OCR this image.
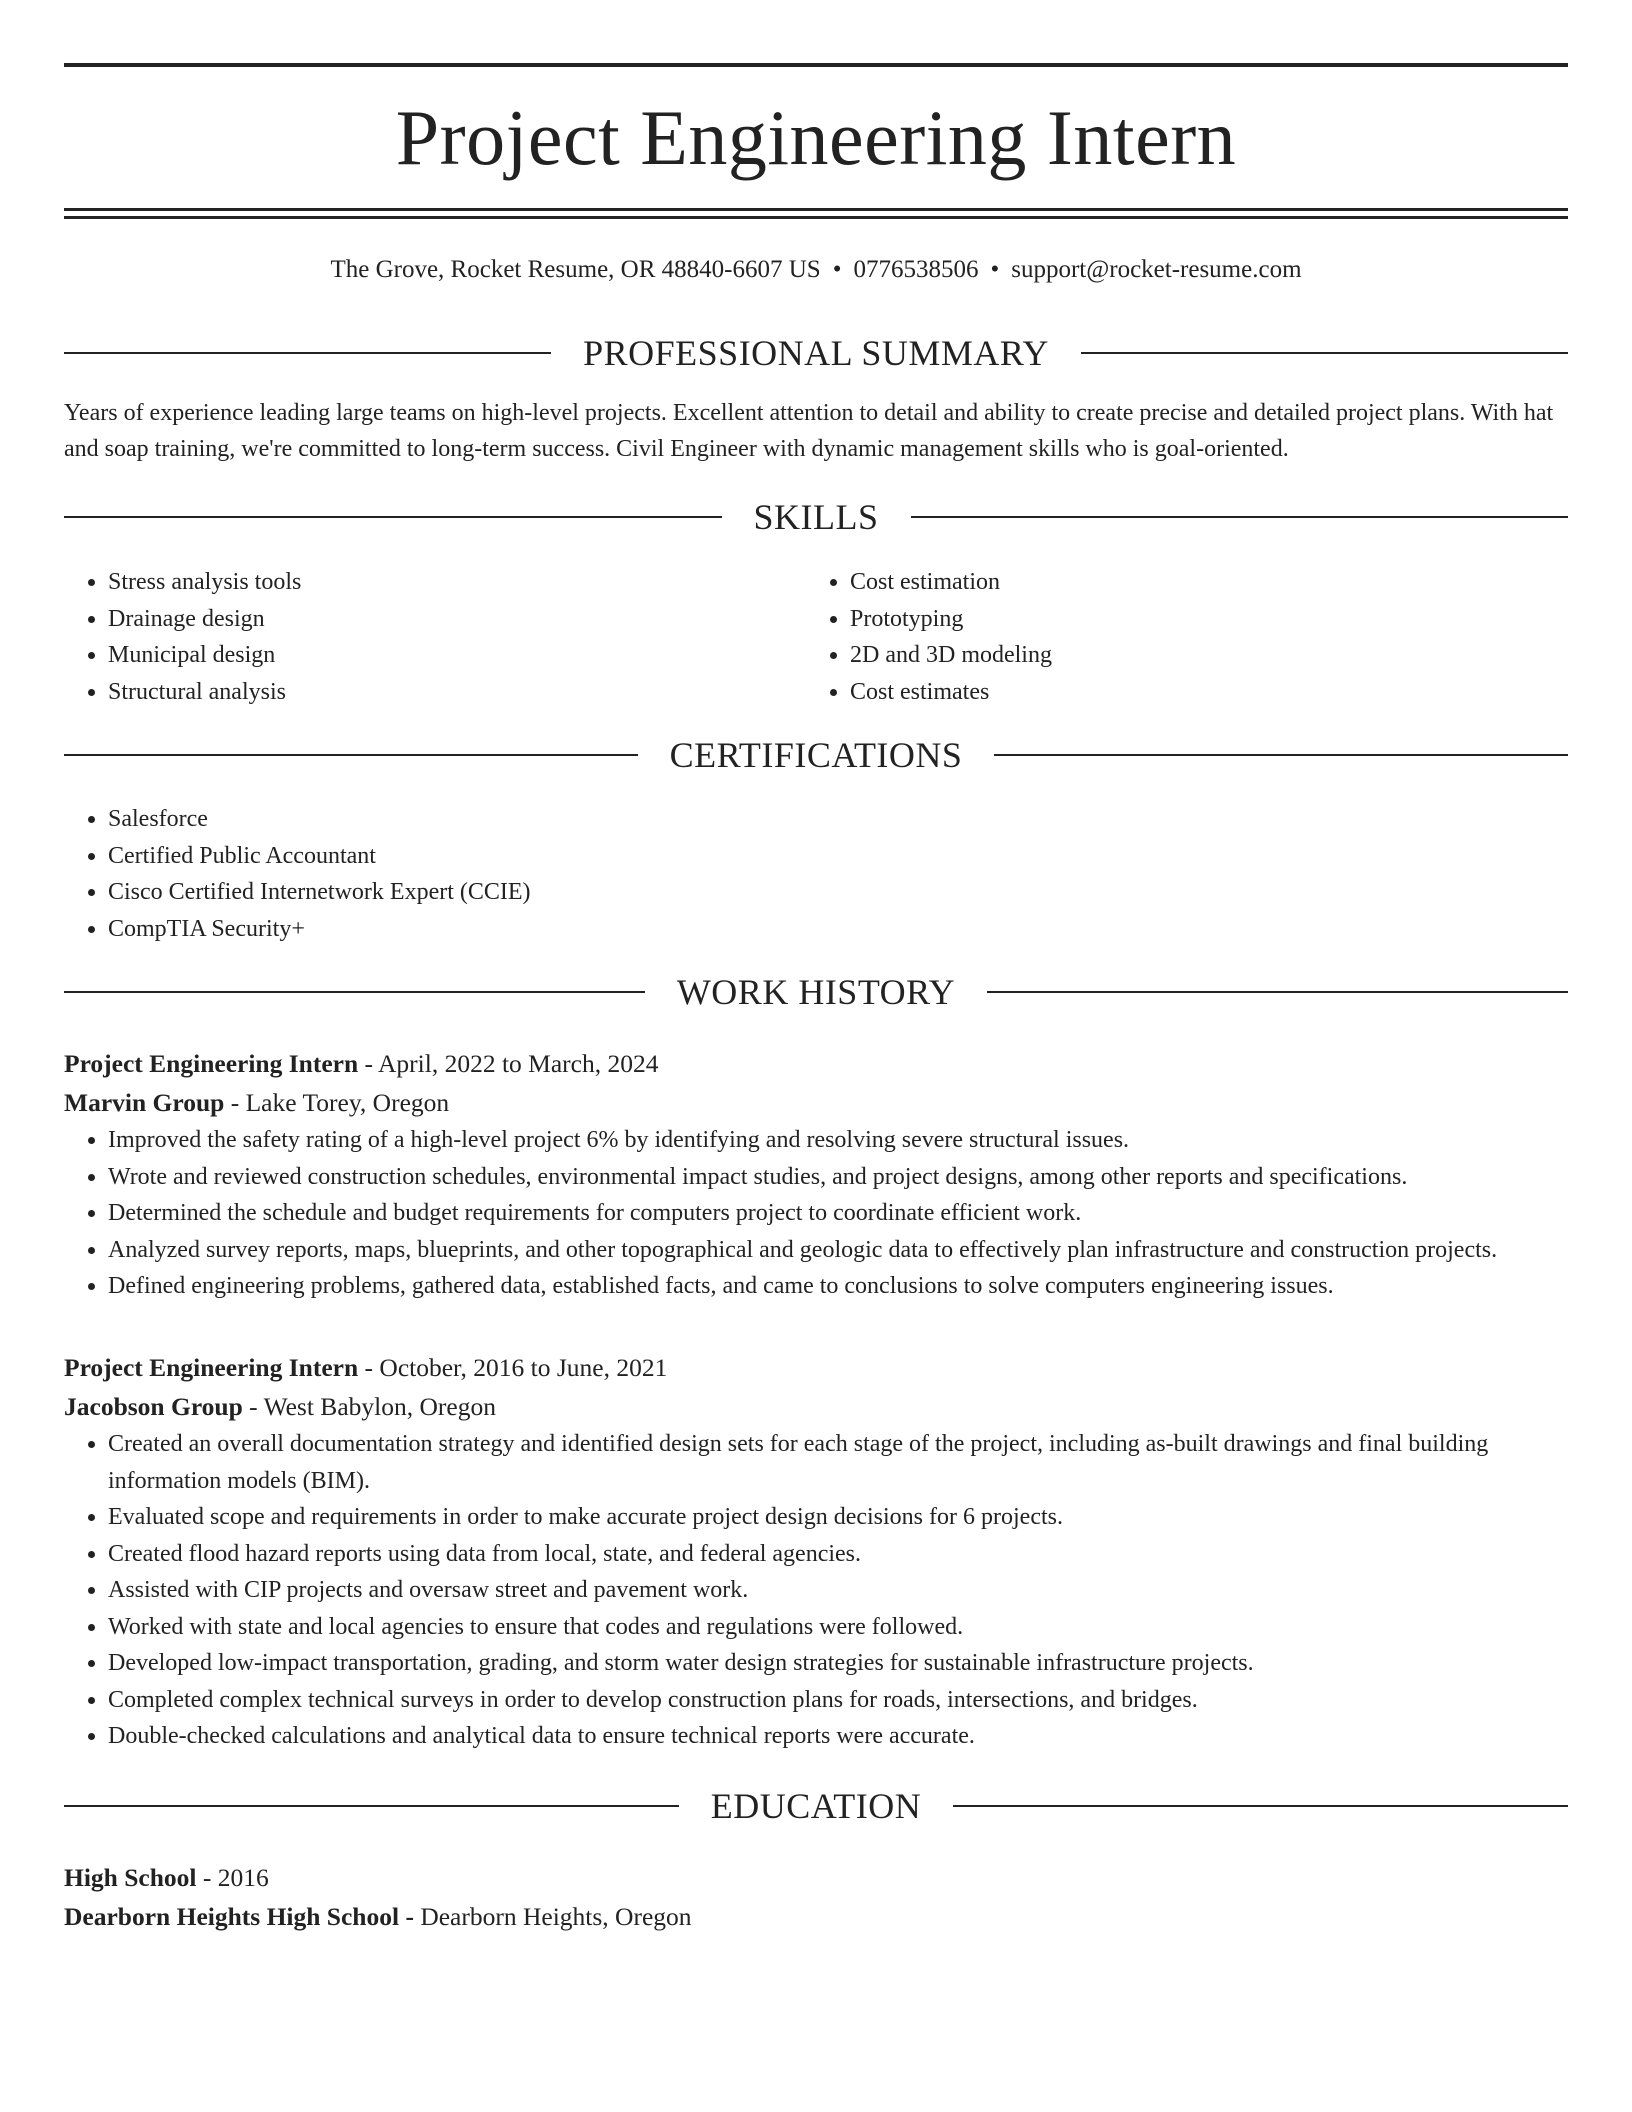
Project Engineering Intern
The Grove, Rocket Resume, OR 48840-6607 US • 0776538506 • support@rocket-resume.com
PROFESSIONAL SUMMARY
Years of experience leading large teams on high-level projects. Excellent attention to detail and ability to create precise and detailed project plans. With hat and soap training, we're committed to long-term success. Civil Engineer with dynamic management skills who is goal-oriented.
SKILLS
• Stress analysis tools
• Drainage design
• Municipal design
• Structural analysis
• Cost estimation
• Prototyping
• 2D and 3D modeling
• Cost estimates
CERTIFICATIONS
• Salesforce
• Certified Public Accountant
• Cisco Certified Internetwork Expert (CCIE)
• CompTIA Security+
WORK HISTORY
Project Engineering Intern - April, 2022 to March, 2024
Marvin Group - Lake Torey, Oregon
• Improved the safety rating of a high-level project 6% by identifying and resolving severe structural issues.
• Wrote and reviewed construction schedules, environmental impact studies, and project designs, among other reports and specifications.
• Determined the schedule and budget requirements for computers project to coordinate efficient work.
• Analyzed survey reports, maps, blueprints, and other topographical and geologic data to effectively plan infrastructure and construction projects.
• Defined engineering problems, gathered data, established facts, and came to conclusions to solve computers engineering issues.
Project Engineering Intern - October, 2016 to June, 2021
Jacobson Group - West Babylon, Oregon
• Created an overall documentation strategy and identified design sets for each stage of the project, including as-built drawings and final building information models (BIM).
• Evaluated scope and requirements in order to make accurate project design decisions for 6 projects.
• Created flood hazard reports using data from local, state, and federal agencies.
• Assisted with CIP projects and oversaw street and pavement work.
• Worked with state and local agencies to ensure that codes and regulations were followed.
• Developed low-impact transportation, grading, and storm water design strategies for sustainable infrastructure projects.
• Completed complex technical surveys in order to develop construction plans for roads, intersections, and bridges.
• Double-checked calculations and analytical data to ensure technical reports were accurate.
EDUCATION
High School - 2016
Dearborn Heights High School - Dearborn Heights, Oregon
